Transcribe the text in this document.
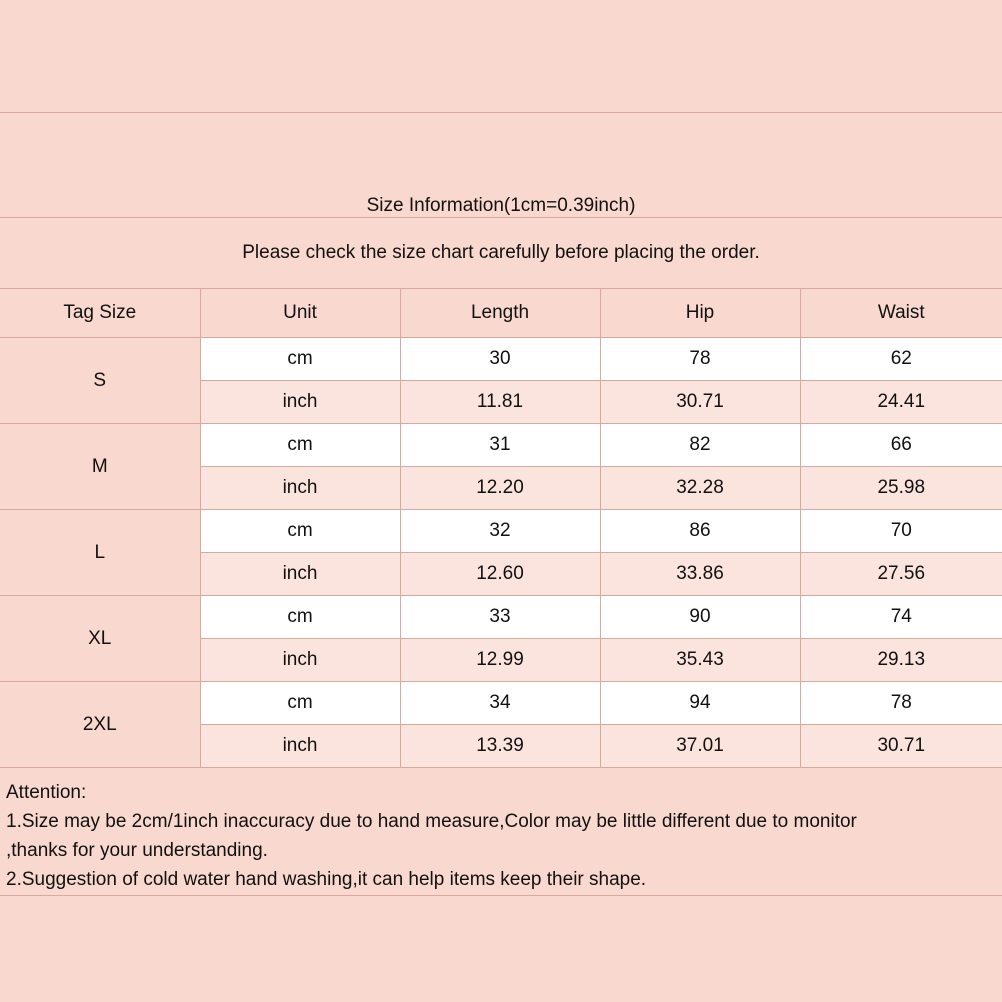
Size Information(1cm=0.39inch)				
Please check the size chart carefully before placing the order.				
Tag Size	Unit	Length	Hip	Waist
S	cm	30	78	62
	inch	11.81	30.71	24.41
M	cm	31	82	66
	inch	12.20	32.28	25.98
L	cm	32	86	70
	inch	12.60	33.86	27.56
XL	cm	33	90	74
	inch	12.99	35.43	29.13
2XL	cm	34	94	78
	inch	13.39	37.01	30.71
Attention:
1.Size may be 2cm/1inch inaccuracy due to hand measure,Color may be little different due to monitor
,thanks for your understanding.
2.Suggestion of cold water hand washing,it can help items keep their shape.
